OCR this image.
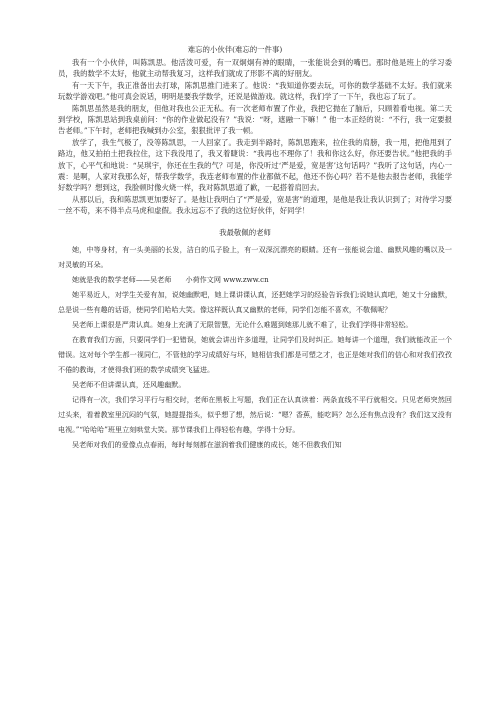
难忘的小伙伴(难忘的一件事)

我有一个小伙伴，叫陈凯思。他活泼可爱，有一双炯炯有神的眼睛，一张能说会到的嘴巴。那时他是班上的学习委员，我的数学不太好，他就主动帮我复习，这样我们就成了形影不离的好朋友。

有一天下午，我正准备出去打球，陈凯思推门进来了。他说：“我知道你要去玩，可你的数学基础不太好。我们就来玩数学游戏吧。”他可真会说话，明明是要我学数学，还说是做游戏。就这样，我们学了一下午，我也忘了玩了。

陈凯思虽然是我的朋友，但他对我也公正无私。有一次老师布置了作业，我把它抛在了脑后，只顾着看电视。第二天到学校，陈凯思站到我桌前问：“你的作业做起没有？”我说：“呀，遮融一下嘛！” 他一本正经的说：“不行，我一定要报告老师。”下午时，老师把我喊到办公室，狠狠批评了我一顿。

放学了，我生气极了，没等陈凯思，一人回家了。我走到半路时，陈凯思跑来，拉住我的肩膀，我一甩，把他甩到了路边，他又拍拍土把我拉住，这下我没甩了，我又着睫说：“我再也不理你了！我和你这么好，你还要告状。”他把我的手放下，心平气和地说：“吴琪宇，你还在生我的气？可是，你没听过‘严是爱，宽是害’这句话吗？”我听了这句话，内心一震：是啊，人家对我那么好，帮我学数学，我连老师布置的作业都做不起，他还不伤心吗？若不是他去报告老师，我能学好数学吗？想到这，我脸顿时像火烧一样，我对陈凯思道了歉，一起搭着肩回去。

从那以后，我和陈思凯更加要好了。是他让我明白了“严是爱，宽是害”的道理，是他是我让我认识到了；对待学习要一丝不苟，来不得半点马虎和虚假。我永远忘不了我的这位好伙伴，好同学！

我最敬佩的老师

她，中等身材，有一头美丽的长发，洁白的瓜子脸上，有一双深沉漂亮的眼睛。还有一张能说会道、幽默风趣的嘴以及一对灵敏的耳朵。

她就是我的数学老师——吴老师　　小荷作文网 www.zww.cn

她平易近人，对学生关爱有加，说她幽默吧，她上课讲课认真，还把她学习的经验告诉我们;说她认真吧，她又十分幽默，总是说一些有趣的话语，使同学们哈哈大笑。像这样既认真又幽默的老师，同学们怎能不喜欢，不敬佩呢？

吴老师上课很是严肃认真。她身上充满了无限智慧，无论什么难题到她那儿就不难了，让我们学得非常轻松。

在教育我们方面，只要同学们一犯错误，她就会讲出许多道理，让同学们及时纠正。她每讲一个道理，我们就能改正一个错误。这对每个学生都一视同仁，不管他的学习成绩好与坏，她相信我们都是可塑之才，也正是她对我们的信心和对我们孜孜不倦的教诲，才使得我们班的数学成绩突飞猛进。

吴老师不但讲课认真，还风趣幽默。

记得有一次，我们学习平行与相交时，老师在黑板上写题，我们正在认真读着：两条直线不平行就相交。只见老师突然回过头来，看着教室里沉闷的气氛，她提提指头，似乎想了想，然后说：“嗯？香蕉，能吃吗？怎么还有焦点没有？我们这又没有电视。”“哈哈哈”班里立刻哄堂大笑。那节课我们上得轻松有趣，学得十分好。

吴老师对我们的爱像点点春雨，每时每刻都在滋润着我们健康的成长，她不但教我们知
